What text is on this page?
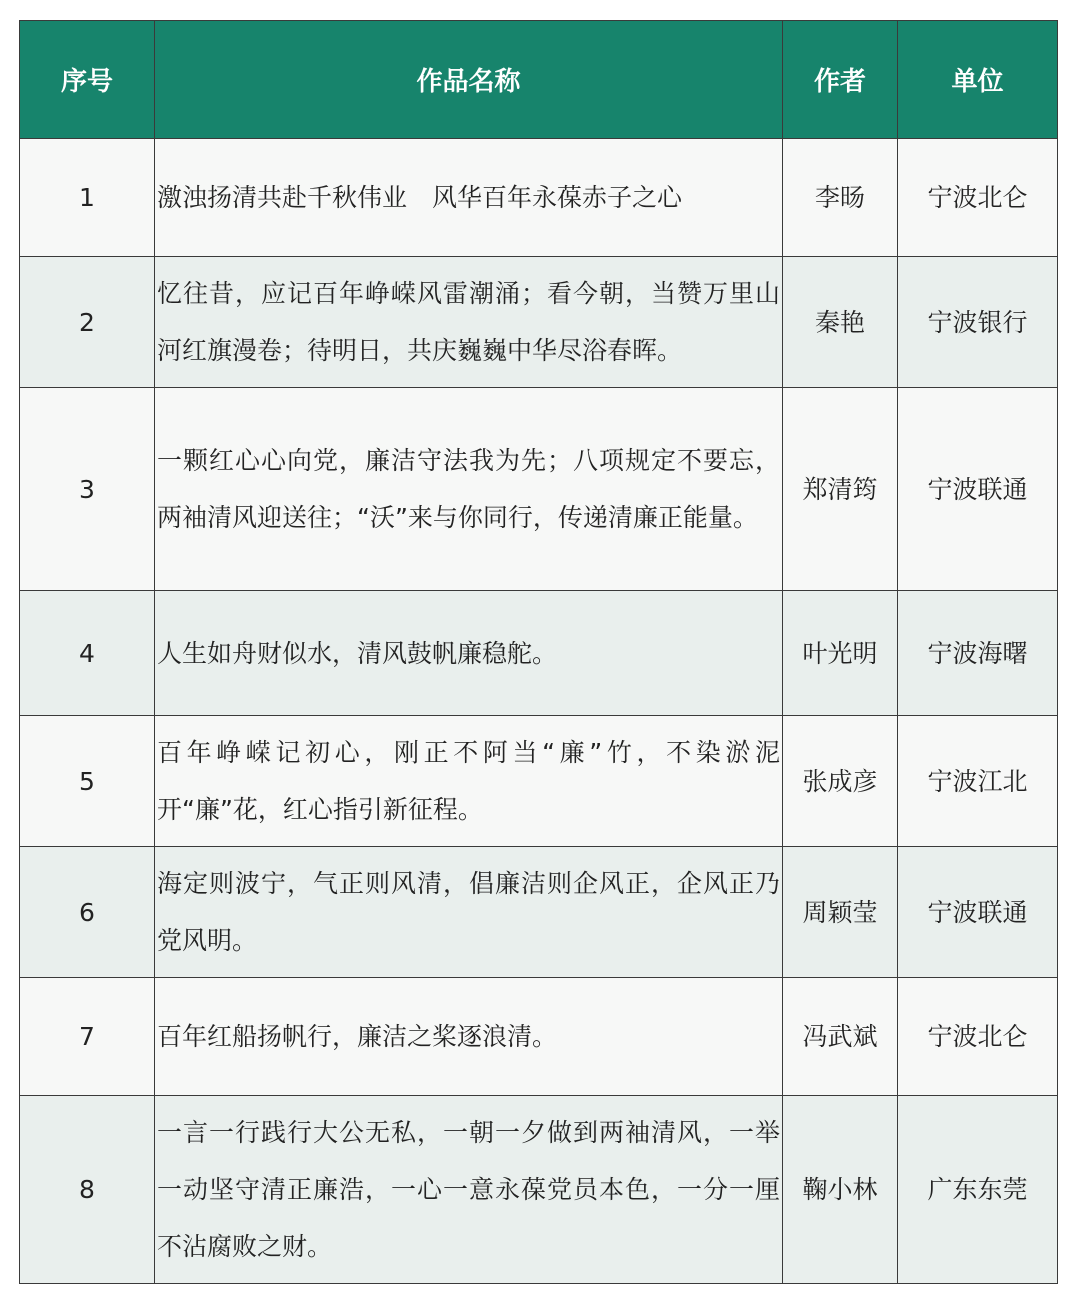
序号	作品名称	作者	单位
1	激浊扬清共赴千秋伟业　风华百年永葆赤子之心	李旸	宁波北仑
2	忆往昔，应记百年峥嵘风雷潮涌；看今朝，当赞万里山河红旗漫卷；待明日，共庆巍巍中华尽浴春晖。	秦艳	宁波银行
3	一颗红心心向党，廉洁守法我为先；八项规定不要忘，两袖清风迎送往；“沃”来与你同行，传递清廉正能量。	郑清筠	宁波联通
4	人生如舟财似水，清风鼓帆廉稳舵。	叶光明	宁波海曙
5	百年峥嵘记初心，刚正不阿当“廉”竹，不染淤泥开“廉”花，红心指引新征程。	张成彦	宁波江北
6	海定则波宁，气正则风清，倡廉洁则企风正，企风正乃党风明。	周颖莹	宁波联通
7	百年红船扬帆行，廉洁之桨逐浪清。	冯武斌	宁波北仑
8	一言一行践行大公无私，一朝一夕做到两袖清风，一举一动坚守清正廉浩，一心一意永葆党员本色，一分一厘不沾腐败之财。	鞠小林	广东东莞
